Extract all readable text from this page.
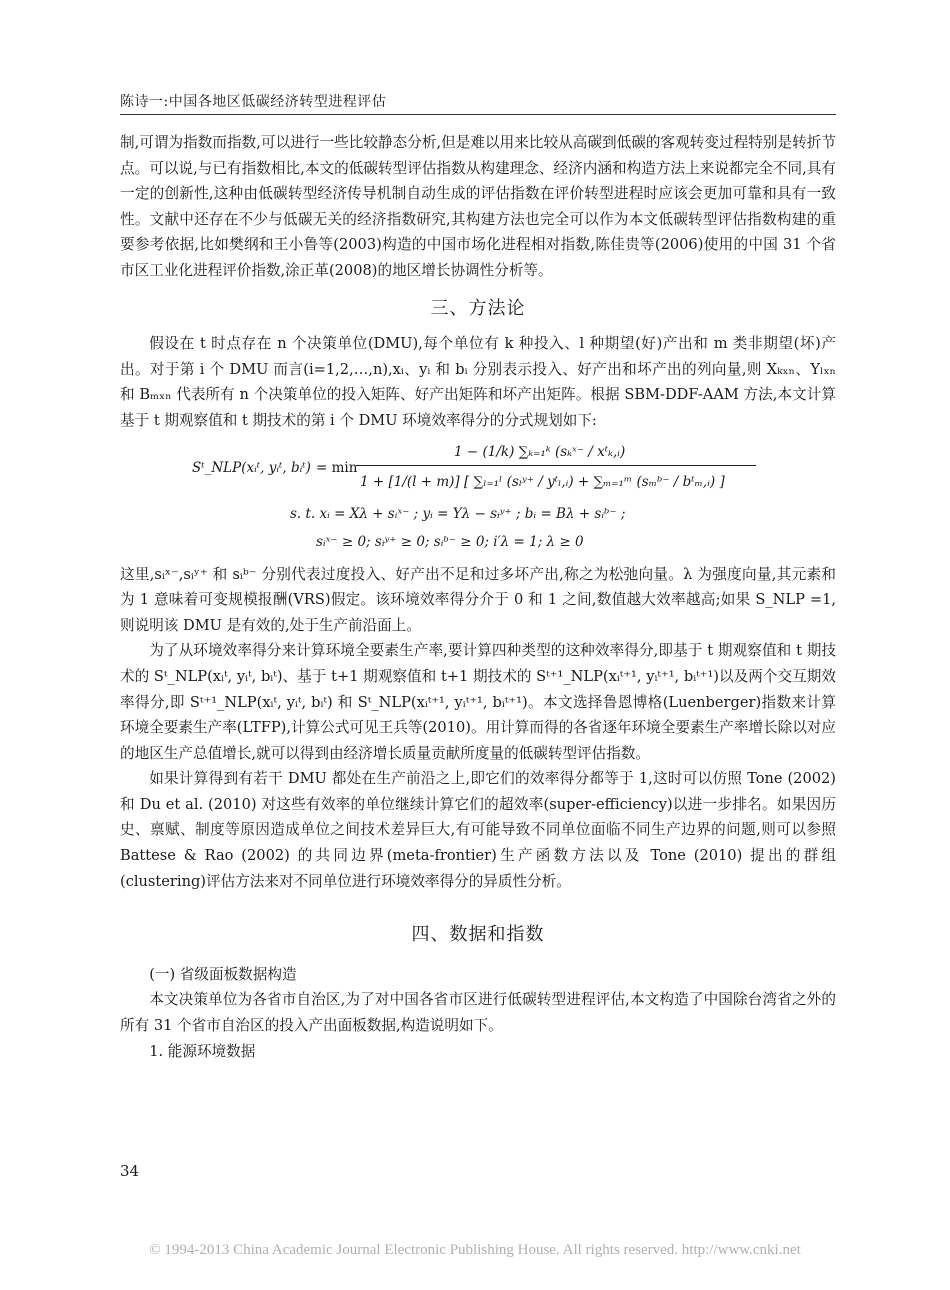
陈诗一:中国各地区低碳经济转型进程评估

制,可谓为指数而指数,可以进行一些比较静态分析,但是难以用来比较从高碳到低碳的客观转变过程特别是转折节点。可以说,与已有指数相比,本文的低碳转型评估指数从构建理念、经济内涵和构造方法上来说都完全不同,具有一定的创新性,这种由低碳转型经济传导机制自动生成的评估指数在评价转型进程时应该会更加可靠和具有一致性。文献中还存在不少与低碳无关的经济指数研究,其构建方法也完全可以作为本文低碳转型评估指数构建的重要参考依据,比如樊纲和王小鲁等(2003)构造的中国市场化进程相对指数,陈佳贵等(2006)使用的中国 31 个省市区工业化进程评价指数,涂正革(2008)的地区增长协调性分析等。

三、方法论

假设在 t 时点存在 n 个决策单位(DMU),每个单位有 k 种投入、l 种期望(好)产出和 m 类非期望(坏)产出。对于第 i 个 DMU 而言(i=1,2,…,n),xᵢ、yᵢ 和 bᵢ 分别表示投入、好产出和坏产出的列向量,则 Xₖₓₙ、Yₗₓₙ 和 Bₘₓₙ 代表所有 n 个决策单位的投入矩阵、好产出矩阵和坏产出矩阵。根据 SBM-DDF-AAM 方法,本文计算基于 t 期观察值和 t 期技术的第 i 个 DMU 环境效率得分的分式规划如下:

Sᵗ_NLP(xᵢᵗ, yᵢᵗ, bᵢᵗ) = min
1 − (1/k) ∑ₖ₌₁ᵏ (sₖˣ⁻ / xᵗₖ,ᵢ)
1 + [1/(l + m)] [ ∑ₗ₌₁ˡ (sₗʸ⁺ / yᵗₗ,ᵢ) + ∑ₘ₌₁ᵐ (sₘᵇ⁻ / bᵗₘ,ᵢ) ]
s. t. xᵢ = Xλ + sᵢˣ⁻ ; yᵢ = Yλ − sᵢʸ⁺ ; bᵢ = Bλ + sᵢᵇ⁻ ;
sᵢˣ⁻ ≥ 0; sᵢʸ⁺ ≥ 0; sᵢᵇ⁻ ≥ 0; i′λ = 1; λ ≥ 0

这里,sᵢˣ⁻,sᵢʸ⁺ 和 sᵢᵇ⁻ 分别代表过度投入、好产出不足和过多坏产出,称之为松弛向量。λ 为强度向量,其元素和为 1 意味着可变规模报酬(VRS)假定。该环境效率得分介于 0 和 1 之间,数值越大效率越高;如果 S_NLP =1,则说明该 DMU 是有效的,处于生产前沿面上。

为了从环境效率得分来计算环境全要素生产率,要计算四种类型的这种效率得分,即基于 t 期观察值和 t 期技术的 Sᵗ_NLP(xᵢᵗ, yᵢᵗ, bᵢᵗ)、基于 t+1 期观察值和 t+1 期技术的 Sᵗ⁺¹_NLP(xᵢᵗ⁺¹, yᵢᵗ⁺¹, bᵢᵗ⁺¹)以及两个交互期效率得分,即 Sᵗ⁺¹_NLP(xᵢᵗ, yᵢᵗ, bᵢᵗ) 和 Sᵗ_NLP(xᵢᵗ⁺¹, yᵢᵗ⁺¹, bᵢᵗ⁺¹)。本文选择鲁恩博格(Luenberger)指数来计算环境全要素生产率(LTFP),计算公式可见王兵等(2010)。用计算而得的各省逐年环境全要素生产率增长除以对应的地区生产总值增长,就可以得到由经济增长质量贡献所度量的低碳转型评估指数。

如果计算得到有若干 DMU 都处在生产前沿之上,即它们的效率得分都等于 1,这时可以仿照 Tone (2002) 和 Du et al. (2010) 对这些有效率的单位继续计算它们的超效率(super-efficiency)以进一步排名。如果因历史、禀赋、制度等原因造成单位之间技术差异巨大,有可能导致不同单位面临不同生产边界的问题,则可以参照 Battese & Rao (2002) 的共同边界(meta-frontier)生产函数方法以及 Tone (2010) 提出的群组(clustering)评估方法来对不同单位进行环境效率得分的异质性分析。

四、数据和指数

(一) 省级面板数据构造

本文决策单位为各省市自治区,为了对中国各省市区进行低碳转型进程评估,本文构造了中国除台湾省之外的所有 31 个省市自治区的投入产出面板数据,构造说明如下。

1. 能源环境数据

34
© 1994-2013 China Academic Journal Electronic Publishing House. All rights reserved. http://www.cnki.net
